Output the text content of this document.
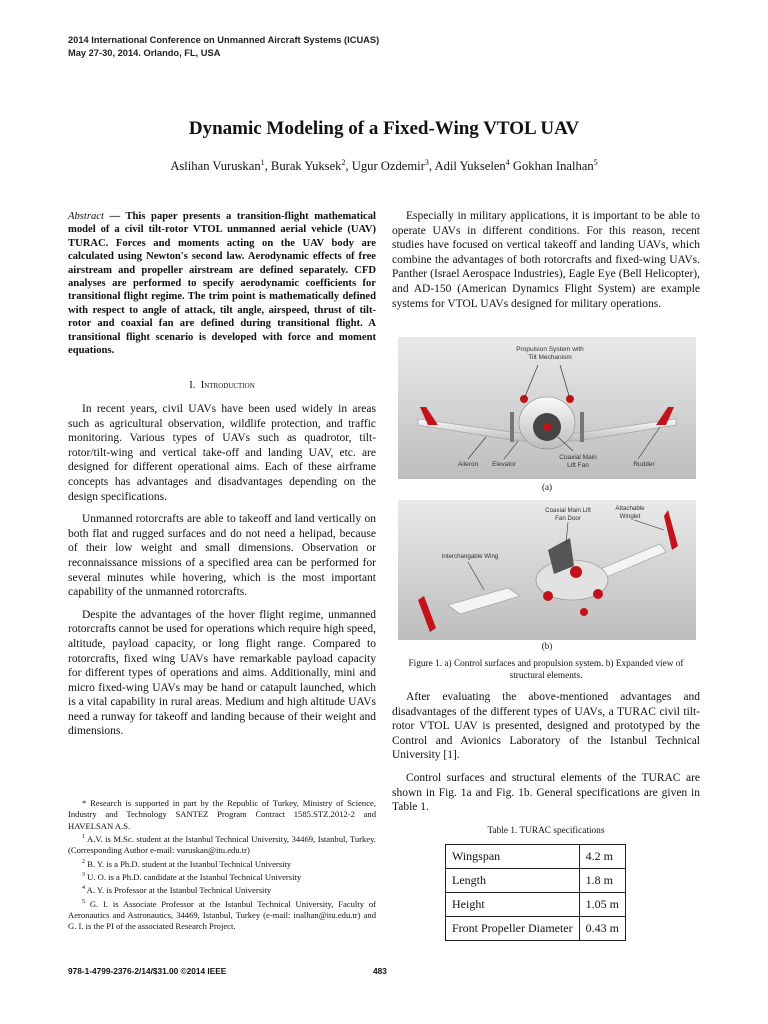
2014 International Conference on Unmanned Aircraft Systems (ICUAS)
May 27-30, 2014. Orlando, FL, USA
Dynamic Modeling of a Fixed-Wing VTOL UAV
Aslihan Vuruskan$^1$, Burak Yuksek$^2$, Ugur Ozdemir$^3$, Adil Yukselen$^4$ Gokhan Inalhan$^5$
Abstract — This paper presents a transition-flight mathematical model of a civil tilt-rotor VTOL unmanned aerial vehicle (UAV) TURAC. Forces and moments acting on the UAV body are calculated using Newton's second law. Aerodynamic effects of free airstream and propeller airstream are defined separately. CFD analyses are performed to specify aerodynamic coefficients for transitional flight regime. The trim point is mathematically defined with respect to angle of attack, tilt angle, airspeed, thrust of tilt-rotor and coaxial fan are defined during transitional flight. A transitional flight scenario is developed with force and moment equations.
I. Introduction

In recent years, civil UAVs have been used widely in areas such as agricultural observation, wildlife protection, and traffic monitoring. Various types of UAVs such as quadrotor, tilt-rotor/tilt-wing and vertical take-off and landing UAV, etc. are designed for different operational aims. Each of these airframe concepts has advantages and disadvantages depending on the design specifications.

Unmanned rotorcrafts are able to takeoff and land vertically on both flat and rugged surfaces and do not need a helipad, because of their low weight and small dimensions. Observation or reconnaissance missions of a specified area can be performed for several minutes while hovering, which is the most important capability of the unmanned rotorcrafts.

Despite the advantages of the hover flight regime, unmanned rotorcrafts cannot be used for operations which require high speed, altitude, payload capacity, or long flight range. Compared to rotorcrafts, fixed wing UAVs have remarkable payload capacity for different types of operations and aims. Additionally, mini and micro fixed-wing UAVs may be hand or catapult launched, which is a vital capability in rural areas. Medium and high altitude UAVs need a runway for takeoff and landing because of their weight and dimensions.

* Research is supported in part by the Republic of Turkey, Ministry of Science, Industry and Technology SANTEZ Program Contract 1585.STZ.2012-2 and HAVELSAN A.S.

$^1$ A.V. is M.Sc. student at the Istanbul Technical University, 34469, Istanbul, Turkey. (Corresponding Author e-mail: vuruskan@itu.edu.tr)

$^2$ B. Y. is a Ph.D. student at the Istanbul Technical University

$^3$ U. O. is a Ph.D. candidate at the Istanbul Technical University

$^4$ A. Y. is Professor at the Istanbul Technical University

$^5$ G. I. is Associate Professor at the Istanbul Technical University, Faculty of Aeronautics and Astronautics, 34469, Istanbul, Turkey (e-mail: inalhan@itu.edu.tr) and G. I. is the PI of the associated Research Project.

Especially in military applications, it is important to be able to operate UAVs in different conditions. For this reason, recent studies have focused on vertical takeoff and landing UAVs, which combine the advantages of both rotorcrafts and fixed-wing UAVs. Panther (Israel Aerospace Industries), Eagle Eye (Bell Helicopter), and AD-150 (American Dynamics Flight System) are example systems for VTOL UAVs designed for military operations.

Propulsion System with
Tilt Mechanism
Aileron Elevator
Coaxial Main
Lift Fan	Rudder
(a)
Coaxial Main Lift
Fan Door
Attachable
Winglet
Interchangable Wing
(b)
Figure 1. a) Control surfaces and propulsion system. b) Expanded view of structural elements.

After evaluating the above-mentioned advantages and disadvantages of the different types of UAVs, a TURAC civil tilt-rotor VTOL UAV is presented, designed and prototyped by the Control and Avionics Laboratory of the Istanbul Technical University [1].

Control surfaces and structural elements of the TURAC are shown in Fig. 1a and Fig. 1b. General specifications are given in Table 1.

Table 1. TURAC specifications
Wingspan	4.2 m
Length	1.8 m
Height	1.05 m
Front Propeller Diameter	0.43 m
978-1-4799-2376-2/14/$31.00 ©2014 IEEE	483
